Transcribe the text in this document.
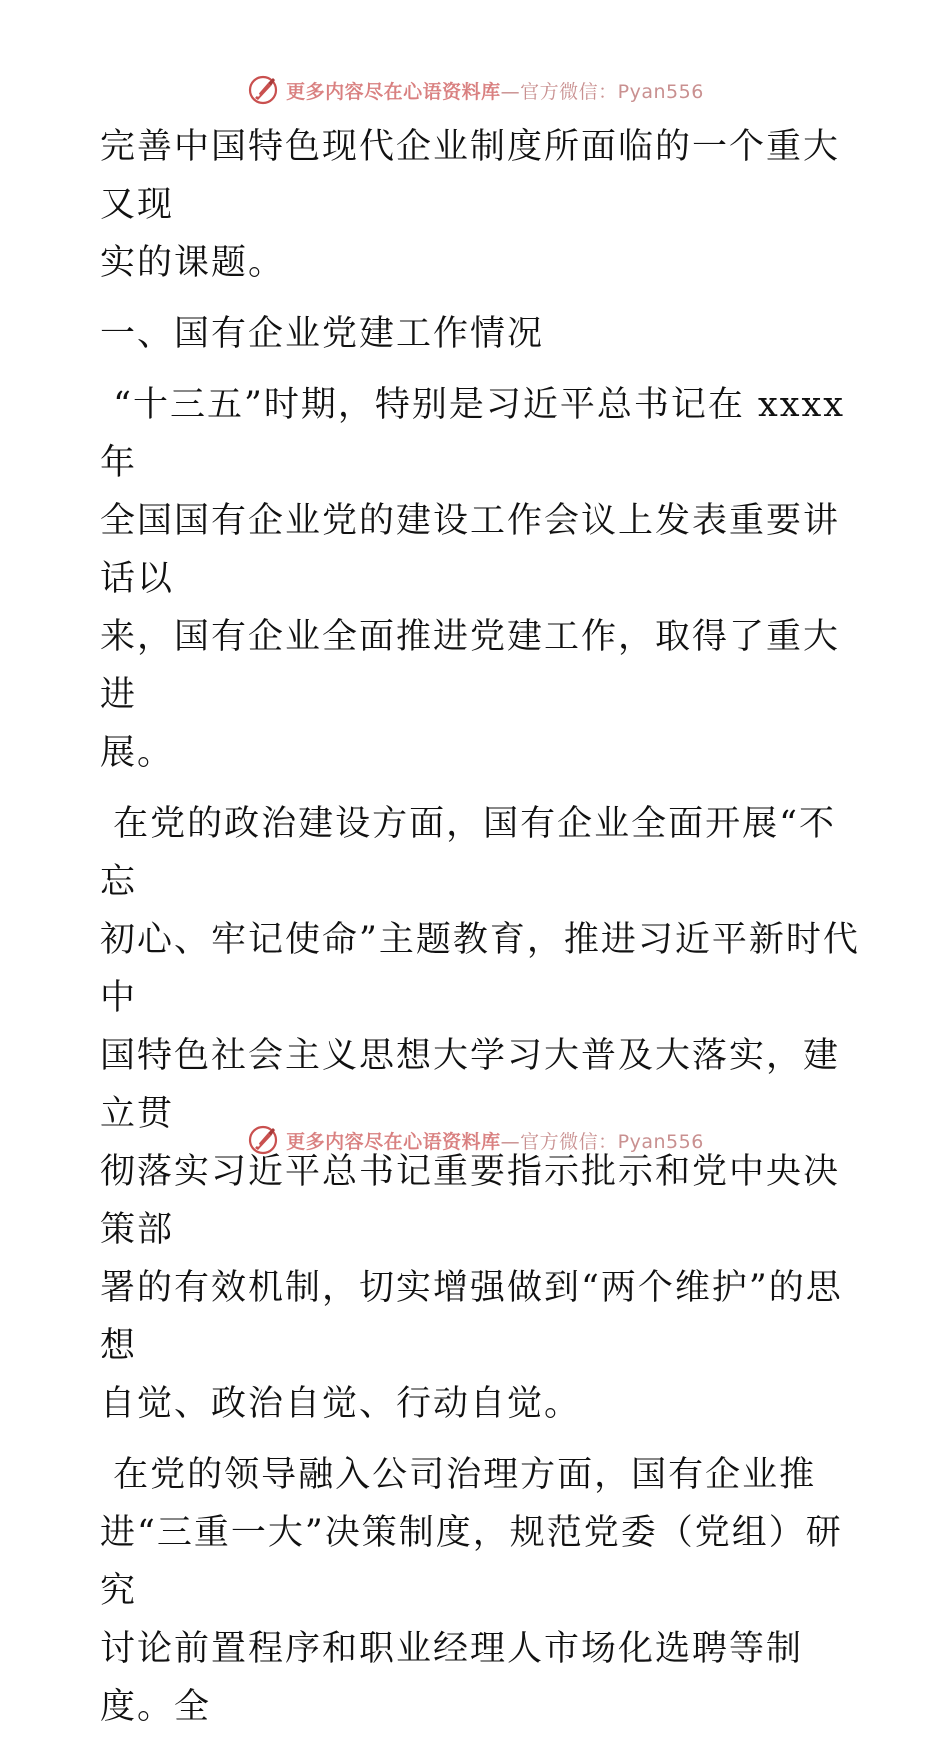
更多内容尽在心语资料库—官方微信：Pyan556
完善中国特色现代企业制度所面临的一个重大又现
实的课题。
一、国有企业党建工作情况
“十三五”时期，特别是习近平总书记在 xxxx 年
全国国有企业党的建设工作会议上发表重要讲话以
来，国有企业全面推进党建工作，取得了重大进
展。
在党的政治建设方面，国有企业全面开展“不忘
初心、牢记使命”主题教育，推进习近平新时代中
国特色社会主义思想大学习大普及大落实，建立贯
彻落实习近平总书记重要指示批示和党中央决策部
署的有效机制，切实增强做到“两个维护”的思想
自觉、政治自觉、行动自觉。
在党的领导融入公司治理方面，国有企业推
进“三重一大”决策制度，规范党委（党组）研究
讨论前置程序和职业经理人市场化选聘等制度。全
更多内容尽在心语资料库—官方微信：Pyan556
